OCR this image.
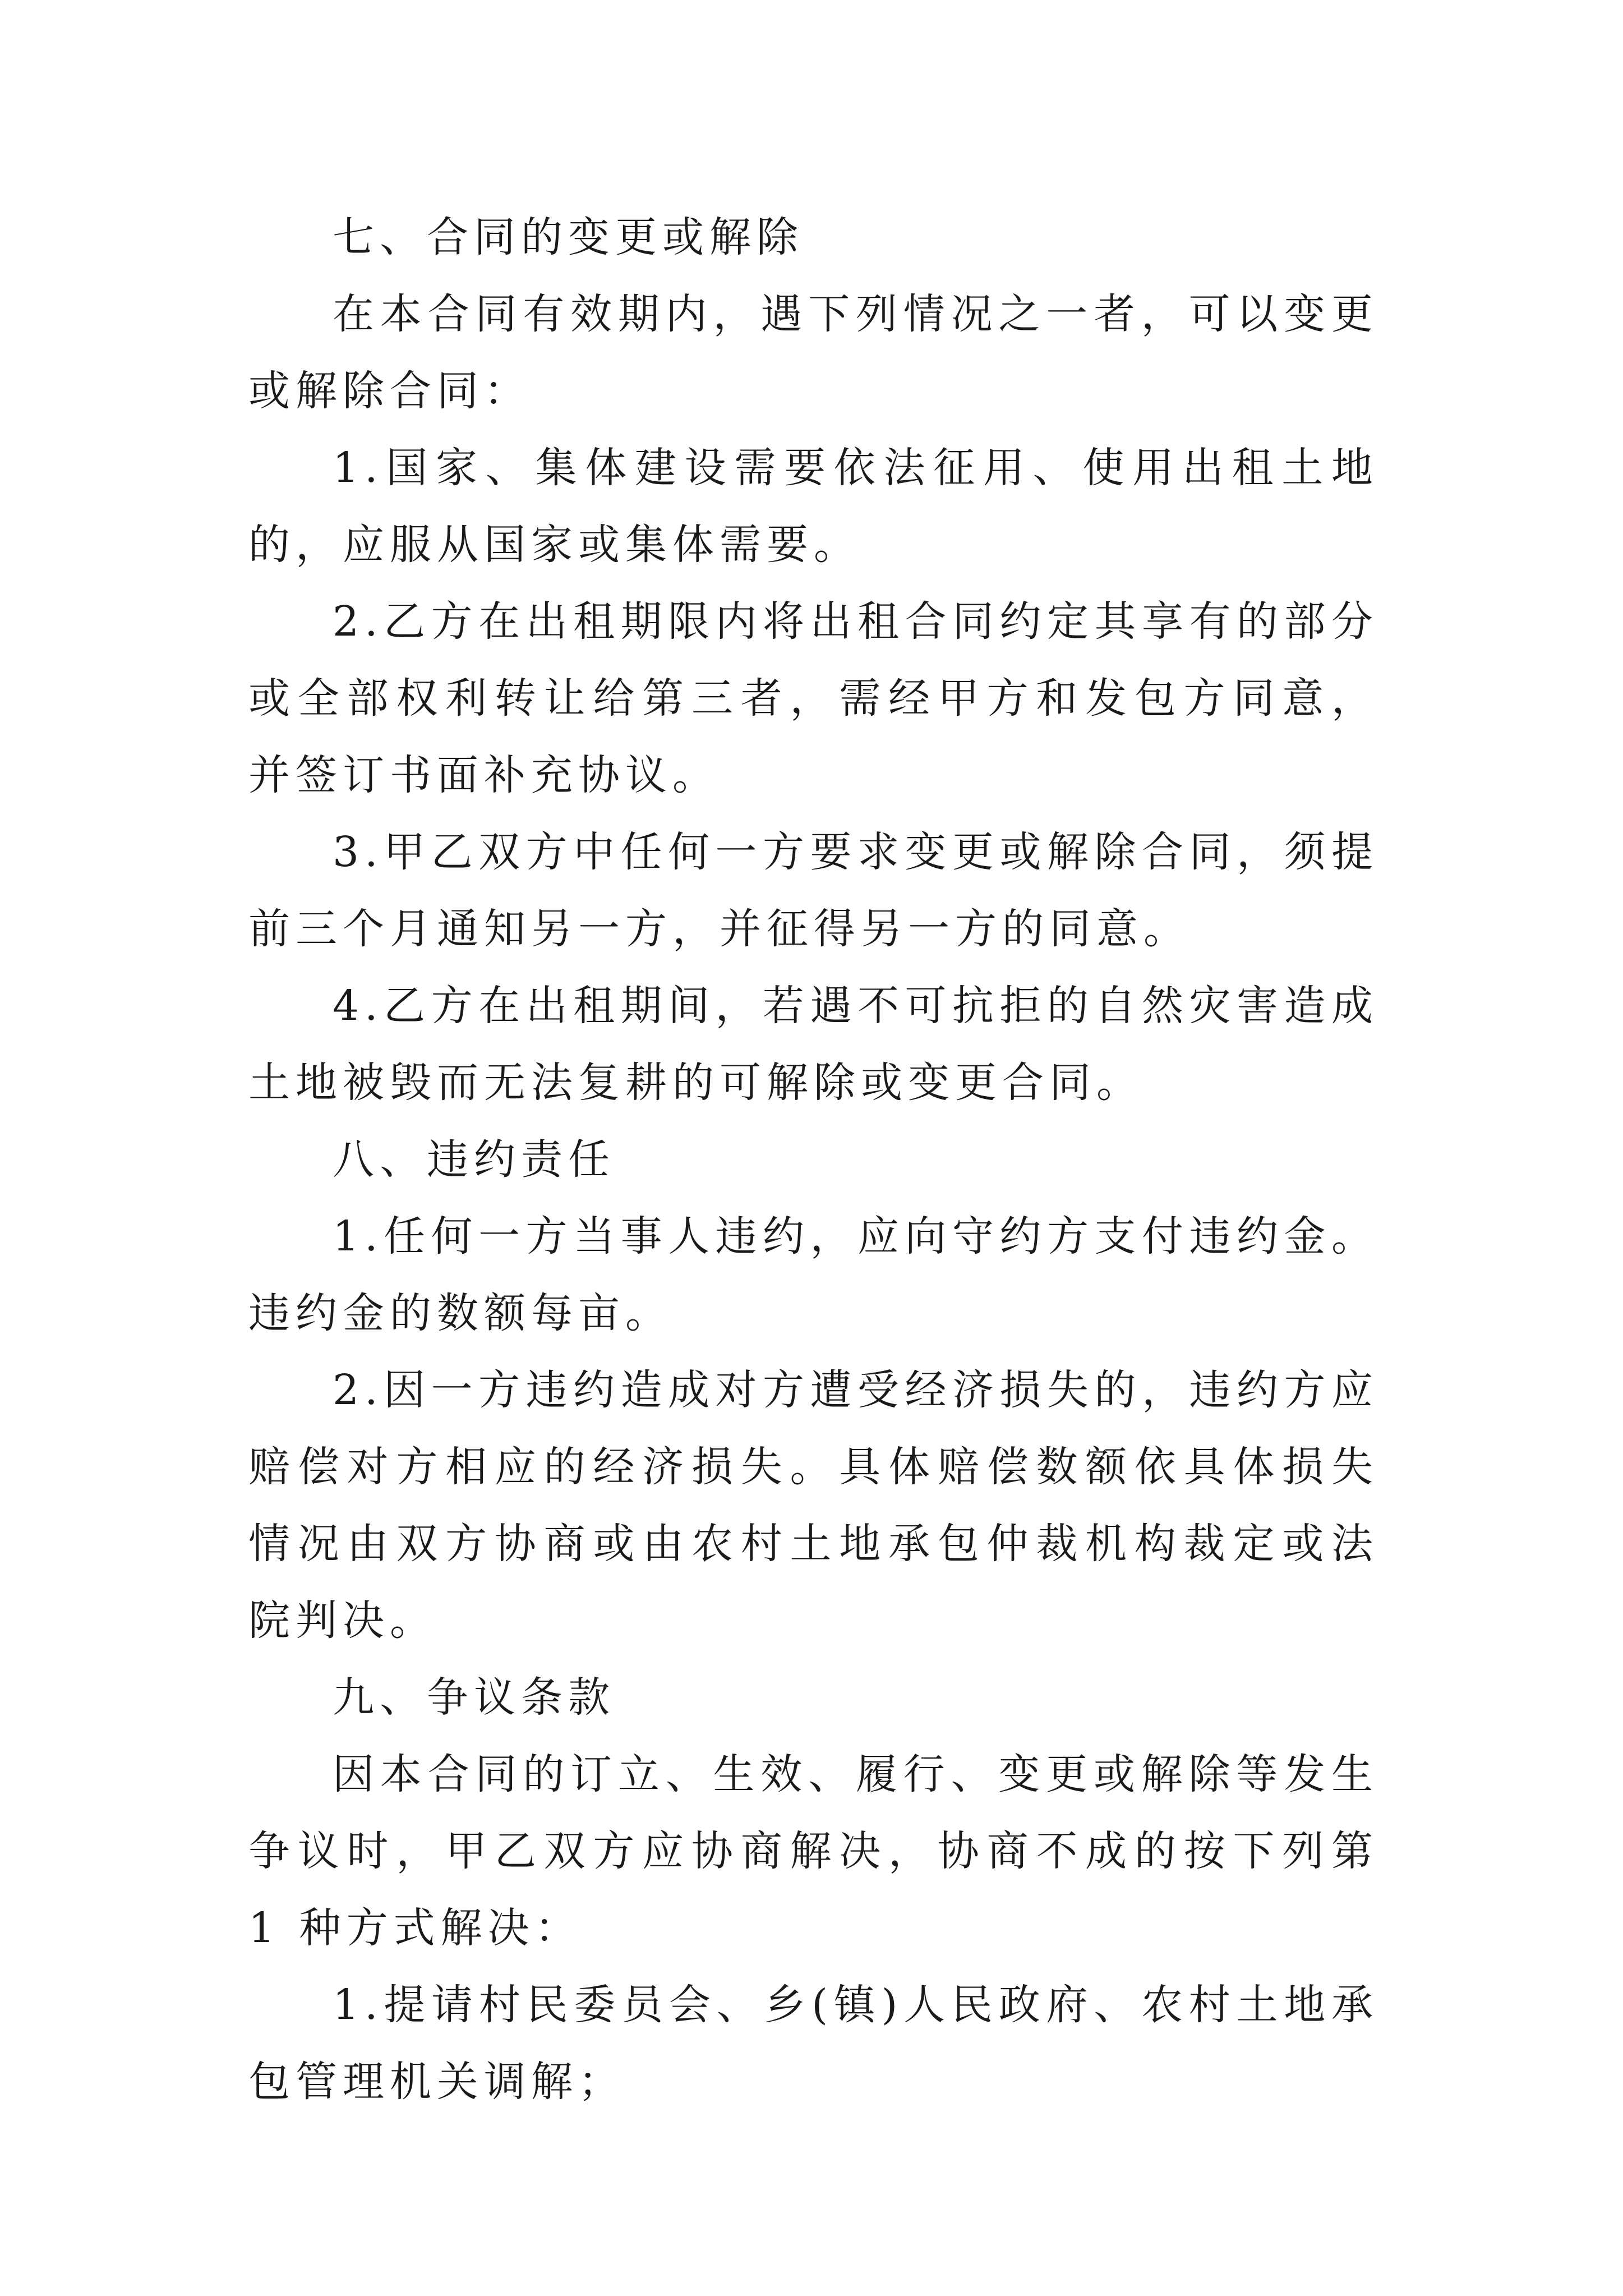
七、合同的变更或解除

在本合同有效期内，遇下列情况之一者，可以变更或解除合同：

1.国家、集体建设需要依法征用、使用出租土地的，应服从国家或集体需要。

2.乙方在出租期限内将出租合同约定其享有的部分或全部权利转让给第三者，需经甲方和发包方同意，并签订书面补充协议。

3.甲乙双方中任何一方要求变更或解除合同，须提前三个月通知另一方，并征得另一方的同意。

4.乙方在出租期间，若遇不可抗拒的自然灾害造成土地被毁而无法复耕的可解除或变更合同。

八、违约责任

1.任何一方当事人违约，应向守约方支付违约金。违约金的数额每亩。

2.因一方违约造成对方遭受经济损失的，违约方应赔偿对方相应的经济损失。具体赔偿数额依具体损失情况由双方协商或由农村土地承包仲裁机构裁定或法院判决。

九、争议条款

因本合同的订立、生效、履行、变更或解除等发生争议时，甲乙双方应协商解决，协商不成的按下列第 1 种方式解决：

1.提请村民委员会、乡(镇)人民政府、农村土地承包管理机关调解；
